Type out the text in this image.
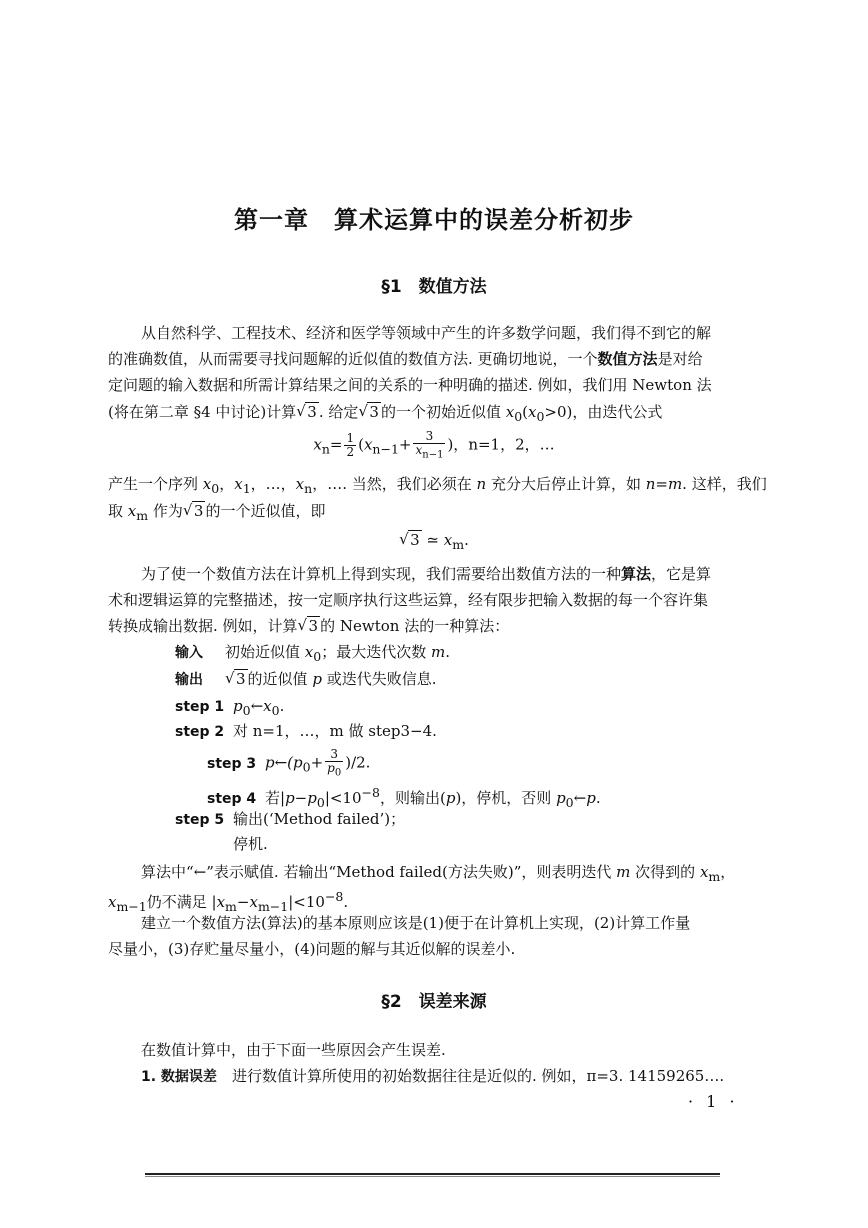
第一章　算术运算中的误差分析初步
§1　数值方法
从自然科学、工程技术、经济和医学等领域中产生的许多数学问题，我们得不到它的解
的准确数值，从而需要寻找问题解的近似值的数值方法. 更确切地说，一个数值方法是对给
定问题的输入数据和所需计算结果之间的关系的一种明确的描述. 例如，我们用 Newton 法
(将在第二章 §4 中讨论)计算 √ 3 . 给定 √ 3 的一个初始近似值 $x_0(x_0>0)$，由迭代公式
$x_n= \frac{1}{2} (x_{n-1}+ \frac{3}{x_{n-1}}$ )，n=1，2，…
产生一个序列 $x_0$，$x_1$，…，$x_n$，…. 当然，我们必须在 n 充分大后停止计算，如 n=m. 这样，我们
取 $x_m$ 作为 √ 3 的一个近似值，即
√ 3 ≃ $x_m$.
为了使一个数值方法在计算机上得到实现，我们需要给出数值方法的一种算法，它是算
术和逻辑运算的完整描述，按一定顺序执行这些运算，经有限步把输入数据的每一个容许集
转换成输出数据. 例如，计算 √ 3 的 Newton 法的一种算法：
输入 初始近似值 $x_0$；最大迭代次数 m.
输出 √ 3 的近似值 p 或迭代失败信息.
step 1 $p_0\leftarrow x_0$.
step 2 对 n=1，…，m 做 step3−4.
step 3 $p\leftarrow(p_0+ \frac{3}{p_0} )/2$.
step 4 若$|p-p_0|<10^{-8}$，则输出(p)，停机，否则 $p_0\leftarrow p$.
step 5 输出(‘Method failed’)；
停机.
算法中“←”表示赋值. 若输出“Method failed(方法失败)”，则表明迭代 m 次得到的 $x_m$，
$x_{m-1}$仍不满足 $|x_m-x_{m-1}|<10^{-8}$.
建立一个数值方法(算法)的基本原则应该是(1)便于在计算机上实现，(2)计算工作量
尽量小，(3)存贮量尽量小，(4)问题的解与其近似解的误差小.
§2　误差来源
在数值计算中，由于下面一些原因会产生误差.
1. 数据误差　进行数值计算所使用的初始数据往往是近似的. 例如，π=3. 14159265….
· 1 ·
